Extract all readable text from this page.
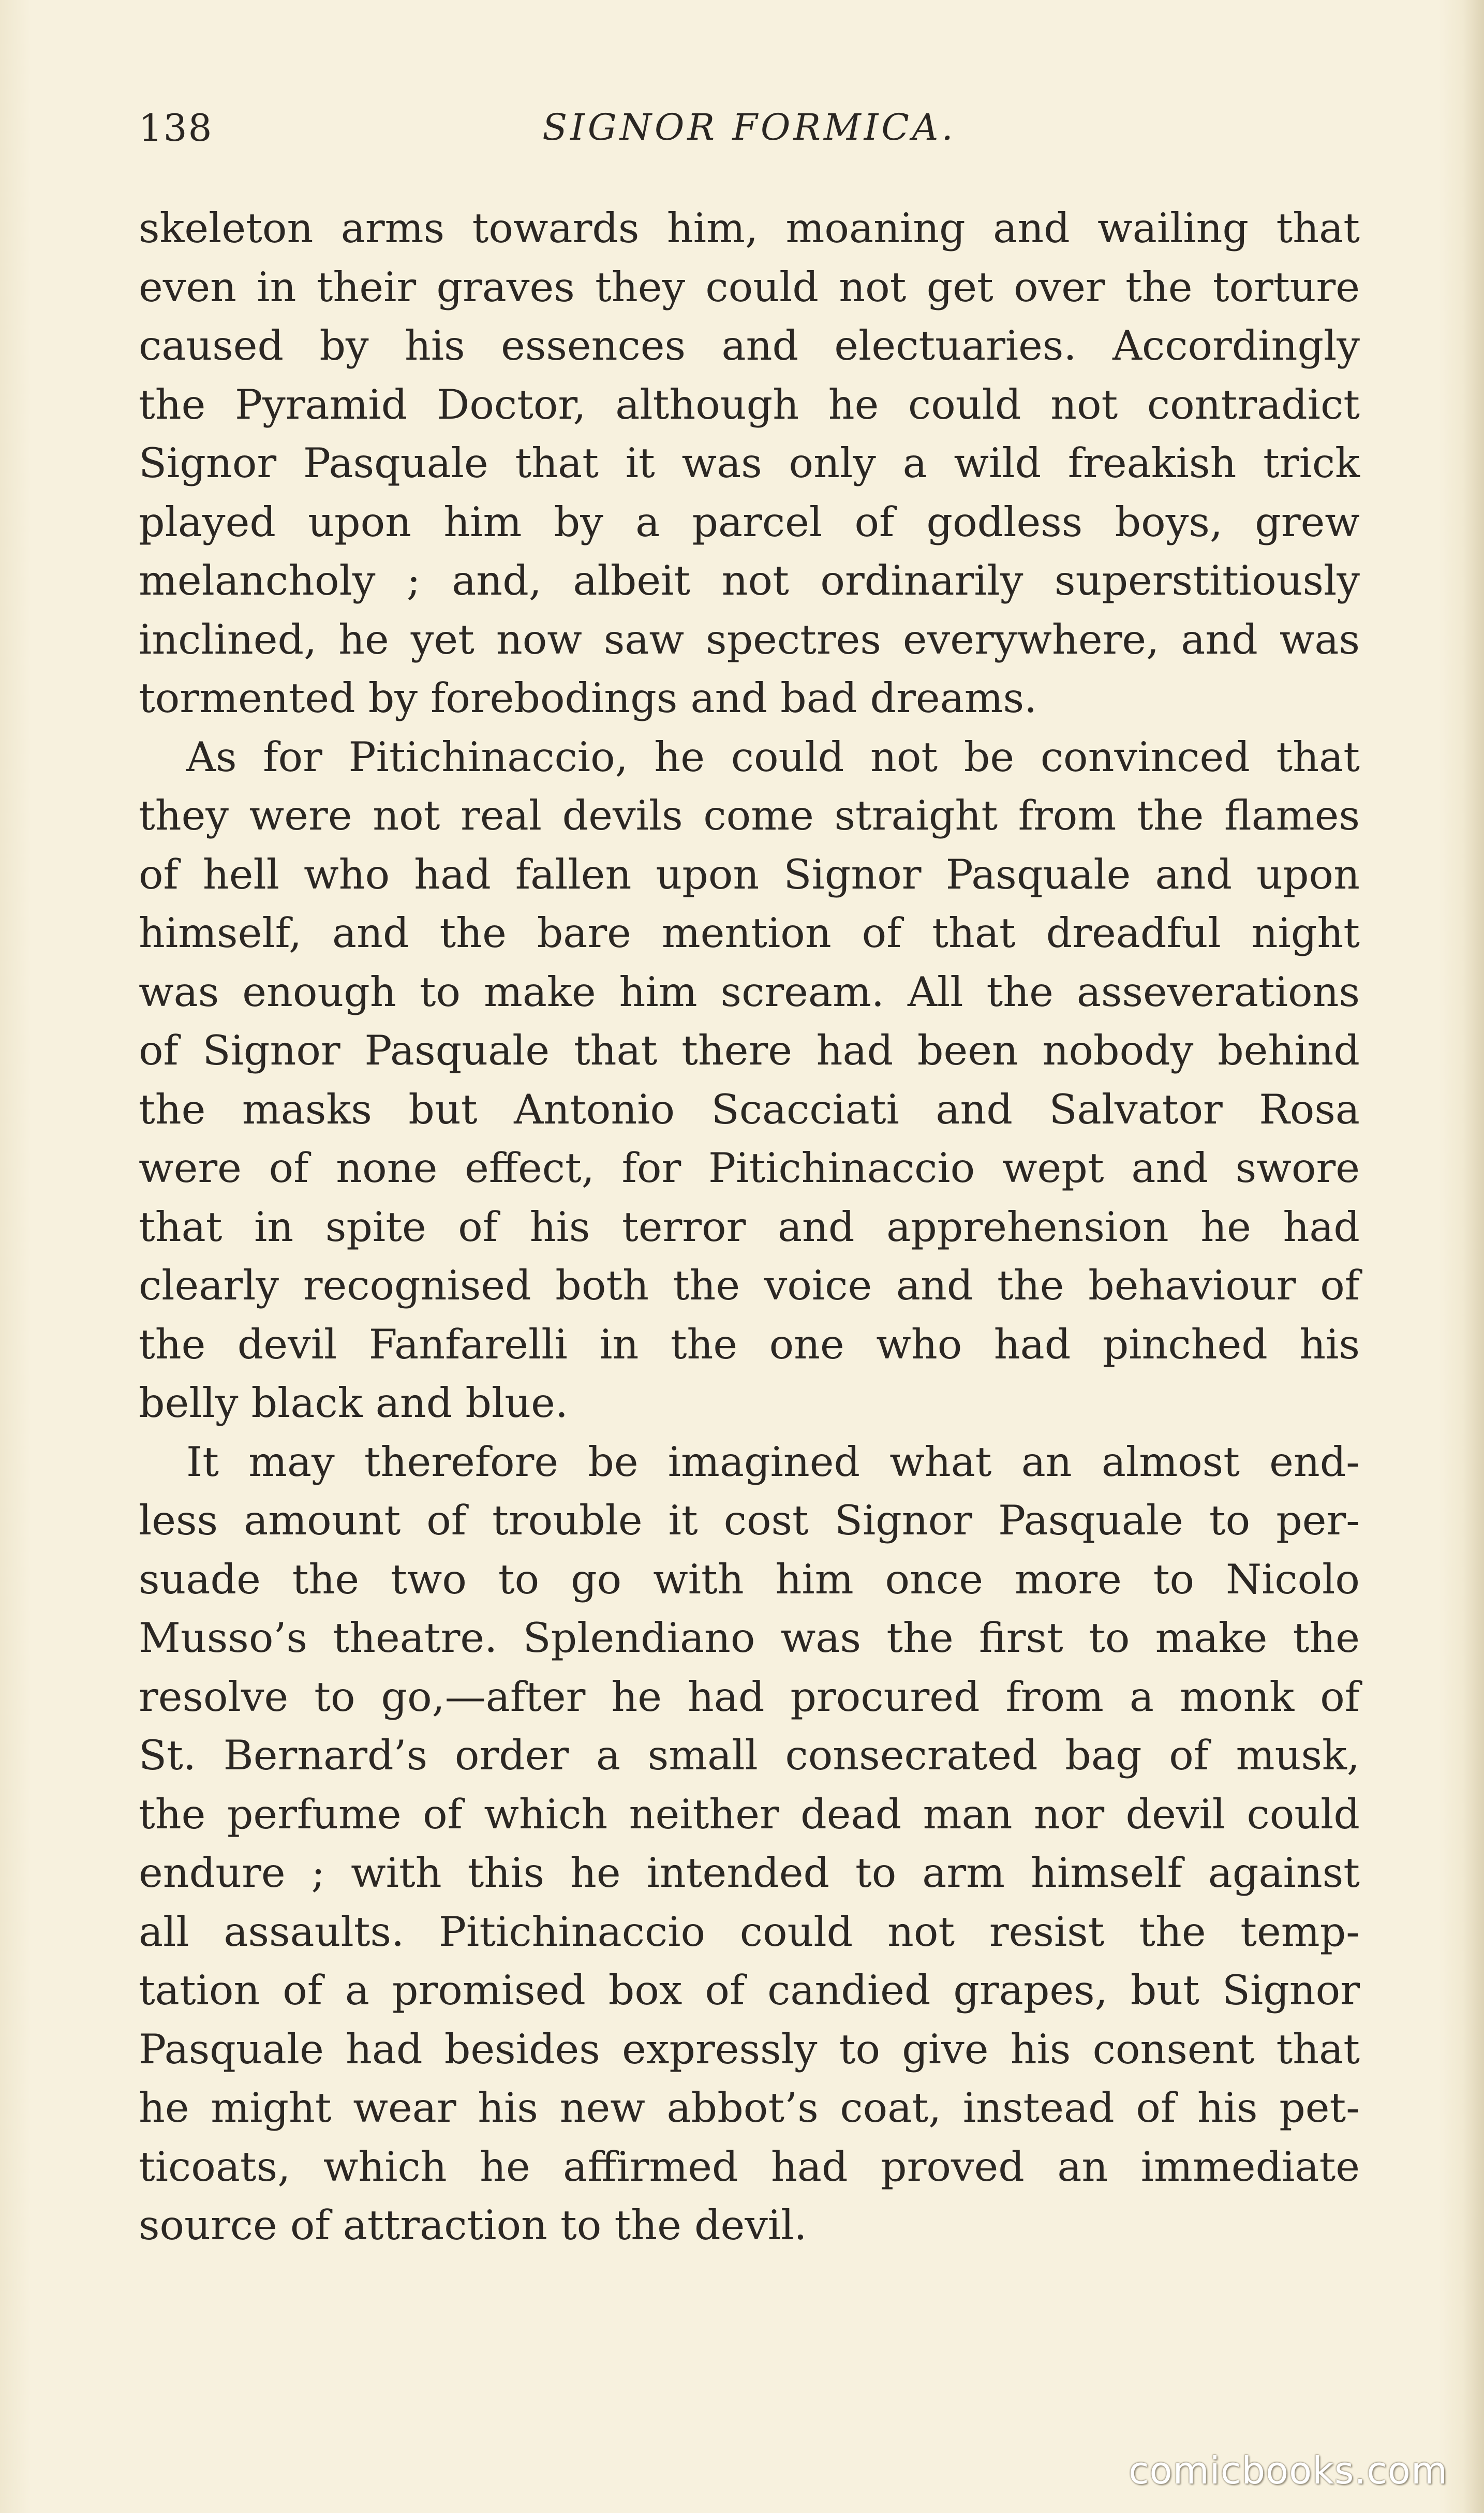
138	SIGNOR FORMICA.
skeleton arms towards him, moaning and wailing that
even in their graves they could not get over the torture
caused by his essences and electuaries. Accordingly
the Pyramid Doctor, although he could not contradict
Signor Pasquale that it was only a wild freakish trick
played upon him by a parcel of godless boys, grew
melancholy ; and, albeit not ordinarily superstitiously
inclined, he yet now saw spectres everywhere, and was
tormented by forebodings and bad dreams.
As for Pitichinaccio, he could not be convinced that
they were not real devils come straight from the flames
of hell who had fallen upon Signor Pasquale and upon
himself, and the bare mention of that dreadful night
was enough to make him scream. All the asseverations
of Signor Pasquale that there had been nobody behind
the masks but Antonio Scacciati and Salvator Rosa
were of none effect, for Pitichinaccio wept and swore
that in spite of his terror and apprehension he had
clearly recognised both the voice and the behaviour of
the devil Fanfarelli in the one who had pinched his
belly black and blue.
It may therefore be imagined what an almost end-
less amount of trouble it cost Signor Pasquale to per-
suade the two to go with him once more to Nicolo
Musso’s theatre. Splendiano was the first to make the
resolve to go,—after he had procured from a monk of
St. Bernard’s order a small consecrated bag of musk,
the perfume of which neither dead man nor devil could
endure ; with this he intended to arm himself against
all assaults. Pitichinaccio could not resist the temp-
tation of a promised box of candied grapes, but Signor
Pasquale had besides expressly to give his consent that
he might wear his new abbot’s coat, instead of his pet-
ticoats, which he affirmed had proved an immediate
source of attraction to the devil.
comicbooks.com
